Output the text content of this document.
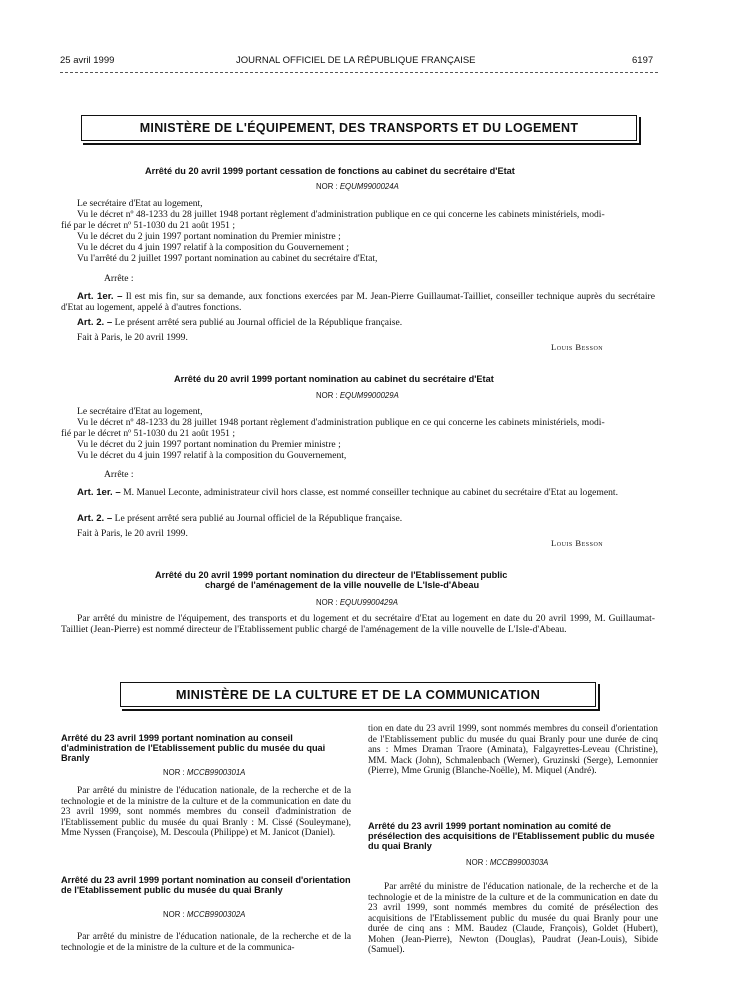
25 avril 1999	JOURNAL OFFICIEL DE LA RÉPUBLIQUE FRANÇAISE	6197
MINISTÈRE DE L'ÉQUIPEMENT, DES TRANSPORTS ET DU LOGEMENT
Arrêté du 20 avril 1999 portant cessation de fonctions au cabinet du secrétaire d'Etat
NOR : EQUM9900024A
Le secrétaire d'Etat au logement,
Vu le décret nº 48-1233 du 28 juillet 1948 portant règlement d'administration publique en ce qui concerne les cabinets ministériels, modi-
fié par le décret nº 51-1030 du 21 août 1951 ;
Vu le décret du 2 juin 1997 portant nomination du Premier ministre ;
Vu le décret du 4 juin 1997 relatif à la composition du Gouvernement ;
Vu l'arrêté du 2 juillet 1997 portant nomination au cabinet du secrétaire d'Etat,
Arrête :
Art. 1er. – Il est mis fin, sur sa demande, aux fonctions exercées par M. Jean-Pierre Guillaumat-Tailliet, conseiller technique auprès du secrétaire d'Etat au logement, appelé à d'autres fonctions.
Art. 2. – Le présent arrêté sera publié au Journal officiel de la République française.
Fait à Paris, le 20 avril 1999.
Louis Besson
Arrêté du 20 avril 1999 portant nomination au cabinet du secrétaire d'Etat
NOR : EQUM9900029A
Le secrétaire d'Etat au logement,
Vu le décret nº 48-1233 du 28 juillet 1948 portant règlement d'administration publique en ce qui concerne les cabinets ministériels, modi-
fié par le décret nº 51-1030 du 21 août 1951 ;
Vu le décret du 2 juin 1997 portant nomination du Premier ministre ;
Vu le décret du 4 juin 1997 relatif à la composition du Gouvernement,
Arrête :
Art. 1er. – M. Manuel Leconte, administrateur civil hors classe, est nommé conseiller technique au cabinet du secrétaire d'Etat au logement.
Art. 2. – Le présent arrêté sera publié au Journal officiel de la République française.
Fait à Paris, le 20 avril 1999.
Louis Besson
Arrêté du 20 avril 1999 portant nomination du directeur de l'Etablissement public
chargé de l'aménagement de la ville nouvelle de L'Isle-d'Abeau
NOR : EQUU9900429A
Par arrêté du ministre de l'équipement, des transports et du logement et du secrétaire d'Etat au logement en date du 20 avril 1999, M. Guillaumat-Tailliet (Jean-Pierre) est nommé directeur de l'Etablissement public chargé de l'aménagement de la ville nouvelle de L'Isle-d'Abeau.
MINISTÈRE DE LA CULTURE ET DE LA COMMUNICATION
Arrêté du 23 avril 1999 portant nomination au conseil d'administration de l'Etablissement public du musée du quai Branly
NOR : MCCB9900301A
Par arrêté du ministre de l'éducation nationale, de la recherche et de la technologie et de la ministre de la culture et de la communication en date du 23 avril 1999, sont nommés membres du conseil d'administration de l'Etablissement public du musée du quai Branly : M. Cissé (Souleymane), Mme Nyssen (Françoise), M. Descoula (Philippe) et M. Janicot (Daniel).
Arrêté du 23 avril 1999 portant nomination au conseil d'orientation de l'Etablissement public du musée du quai Branly
NOR : MCCB9900302A
Par arrêté du ministre de l'éducation nationale, de la recherche et de la technologie et de la ministre de la culture et de la communica-
tion en date du 23 avril 1999, sont nommés membres du conseil d'orientation de l'Etablissement public du musée du quai Branly pour une durée de cinq ans : Mmes Draman Traore (Aminata), Falgayrettes-Leveau (Christine), MM. Mack (John), Schmalenbach (Werner), Gruzinski (Serge), Lemonnier (Pierre), Mme Grunig (Blanche-Noëlle), M. Miquel (André).
Arrêté du 23 avril 1999 portant nomination au comité de présélection des acquisitions de l'Etablissement public du musée du quai Branly
NOR : MCCB9900303A
Par arrêté du ministre de l'éducation nationale, de la recherche et de la technologie et de la ministre de la culture et de la communication en date du 23 avril 1999, sont nommés membres du comité de présélection des acquisitions de l'Etablissement public du musée du quai Branly pour une durée de cinq ans : MM. Baudez (Claude, François), Goldet (Hubert), Mohen (Jean-Pierre), Newton (Douglas), Paudrat (Jean-Louis), Sibide (Samuel).
